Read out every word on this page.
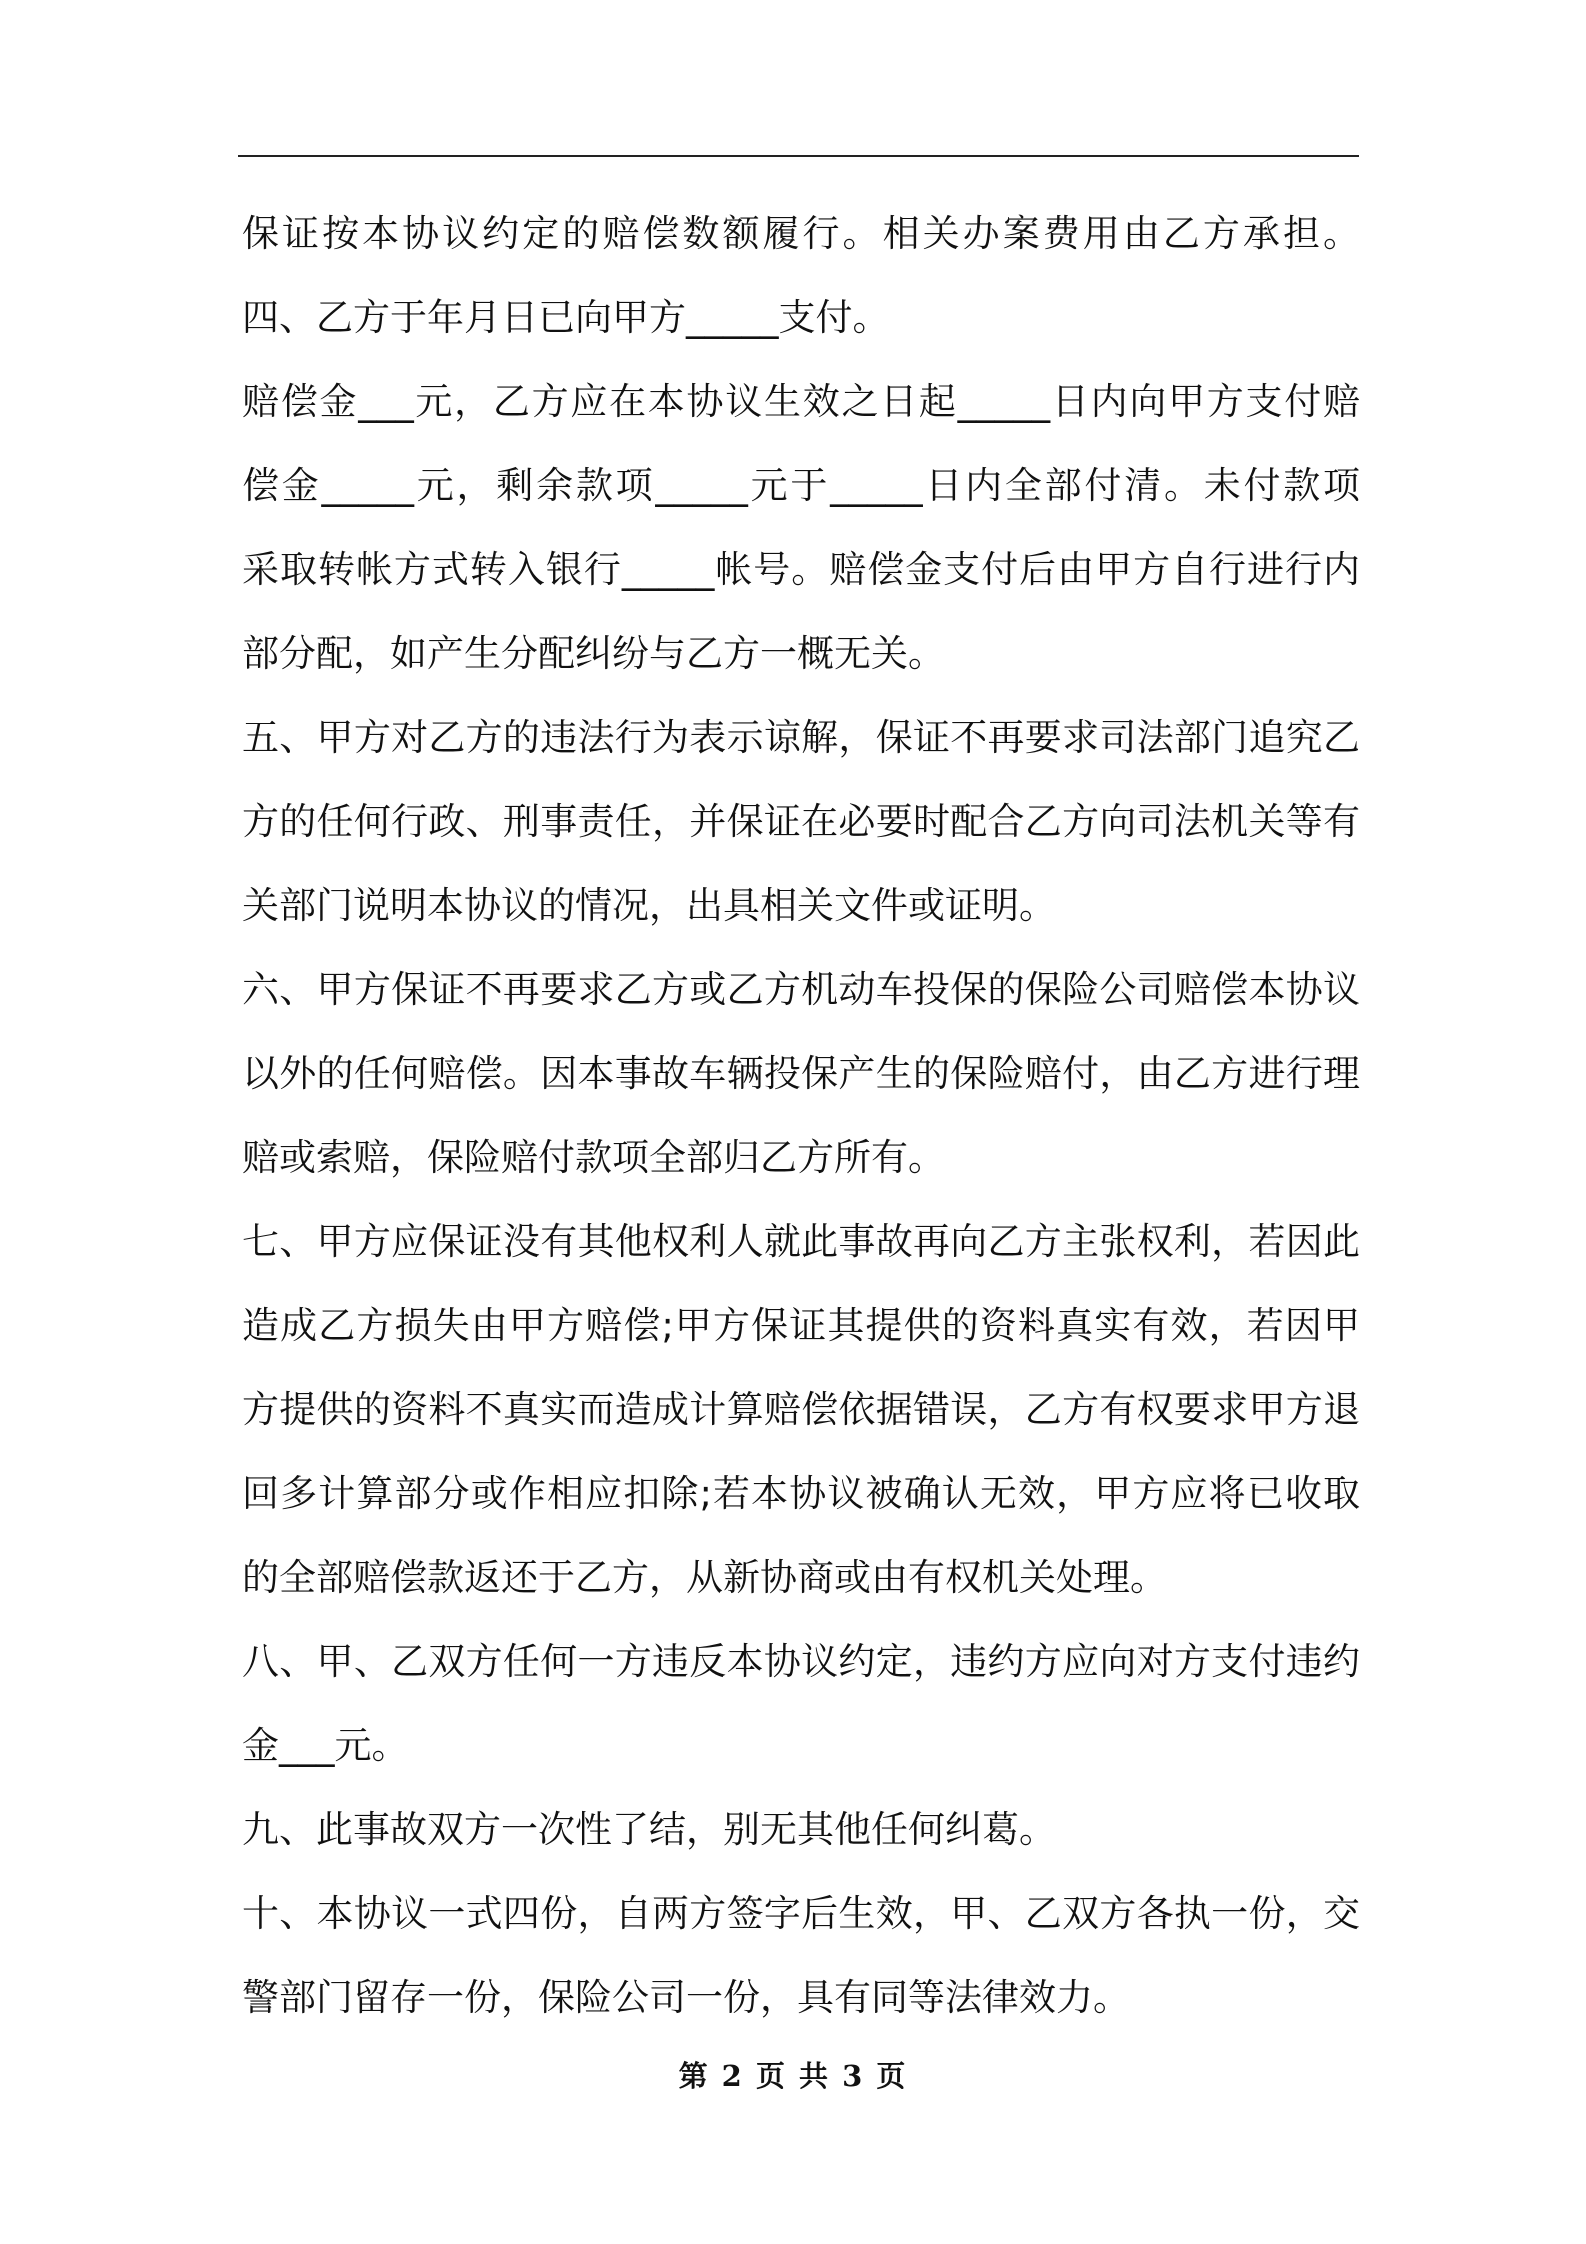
保证按本协议约定的赔偿数额履行。相关办案费用由乙方承担。
四、乙方于年月日已向甲方_____支付。
赔偿金___元，乙方应在本协议生效之日起_____日内向甲方支付赔
偿金_____元，剩余款项_____元于_____日内全部付清。未付款项
采取转帐方式转入银行_____帐号。赔偿金支付后由甲方自行进行内
部分配，如产生分配纠纷与乙方一概无关。
五、甲方对乙方的违法行为表示谅解，保证不再要求司法部门追究乙
方的任何行政、刑事责任，并保证在必要时配合乙方向司法机关等有
关部门说明本协议的情况，出具相关文件或证明。
六、甲方保证不再要求乙方或乙方机动车投保的保险公司赔偿本协议
以外的任何赔偿。因本事故车辆投保产生的保险赔付，由乙方进行理
赔或索赔，保险赔付款项全部归乙方所有。
七、甲方应保证没有其他权利人就此事故再向乙方主张权利，若因此
造成乙方损失由甲方赔偿;甲方保证其提供的资料真实有效，若因甲
方提供的资料不真实而造成计算赔偿依据错误，乙方有权要求甲方退
回多计算部分或作相应扣除;若本协议被确认无效，甲方应将已收取
的全部赔偿款返还于乙方，从新协商或由有权机关处理。
八、甲、乙双方任何一方违反本协议约定，违约方应向对方支付违约
金___元。
九、此事故双方一次性了结，别无其他任何纠葛。
十、本协议一式四份，自两方签字后生效，甲、乙双方各执一份，交
警部门留存一份，保险公司一份，具有同等法律效力。
第 2 页 共 3 页
